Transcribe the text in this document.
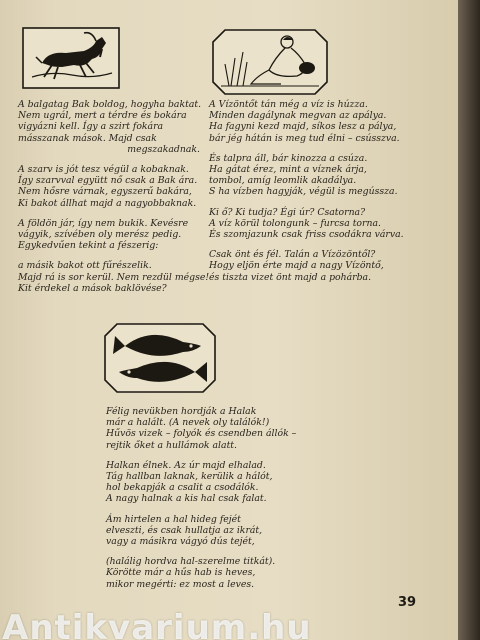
A balgatag Bak boldog, hogyha baktat.

Nem ugrál, mert a térdre és bokára

vigyázni kell. Így a szirt fokára

másszanak mások. Majd csak

megszakadnak.

A szarv is jót tesz végül a kobaknak.

Így szarvval együtt nő csak a Bak ára.

Nem hősre várnak, egyszerű bakára,

Ki bakot állhat majd a nagyobbaknak.

A földön jár, így nem bukik. Kevésre

vágyik, szívében oly merész pedig.

Egykedvűen tekint a fészerig:

a másik bakot ott fűrészelik.

Majd rá is sor kerül. Nem rezdül mégse!

Kit érdekel a mások baklövése?

A Vízöntőt tán még a víz is húzza.

Minden dagálynak megvan az apálya.

Ha fagyni kezd majd, síkos lesz a pálya,

bár jég hátán is meg tud élni – csússzva.

És talpra áll, bár kinozza a csúza.

Ha gátat érez, mint a víznek árja,

tombol, amíg leomlik akadálya.

S ha vízben hagyják, végül is megússza.

Ki ő? Ki tudja? Égi úr? Csatorna?

A víz körül tolongunk – furcsa torna.

És szomjazunk csak friss csodákra várva.

Csak önt és fél. Talán a Vízözöntől?

Hogy eljön érte majd a nagy Vízöntő,

és tiszta vizet önt majd a pohárba.

Félig nevükben hordják a Halak

már a halált. (A nevek oly találók!)

Hűvös vizek – folyók és csendben állók –

rejtik őket a hullámok alatt.

Halkan élnek. Az úr majd elhalad.

Tág hallban laknak, kerülik a hálót,

hol bekapják a csalit a csodálók.

A nagy halnak a kis hal csak falat.

Ám hirtelen a hal hideg fejét

elveszti, és csak hullatja az ikrát,

vagy a másikra vágyó dús tejét,

(halálig hordva hal-szerelme titkát).

Körötte már a hűs hab is heves,

mikor megérti: ez most a leves.

39
Antikvarium.hu
